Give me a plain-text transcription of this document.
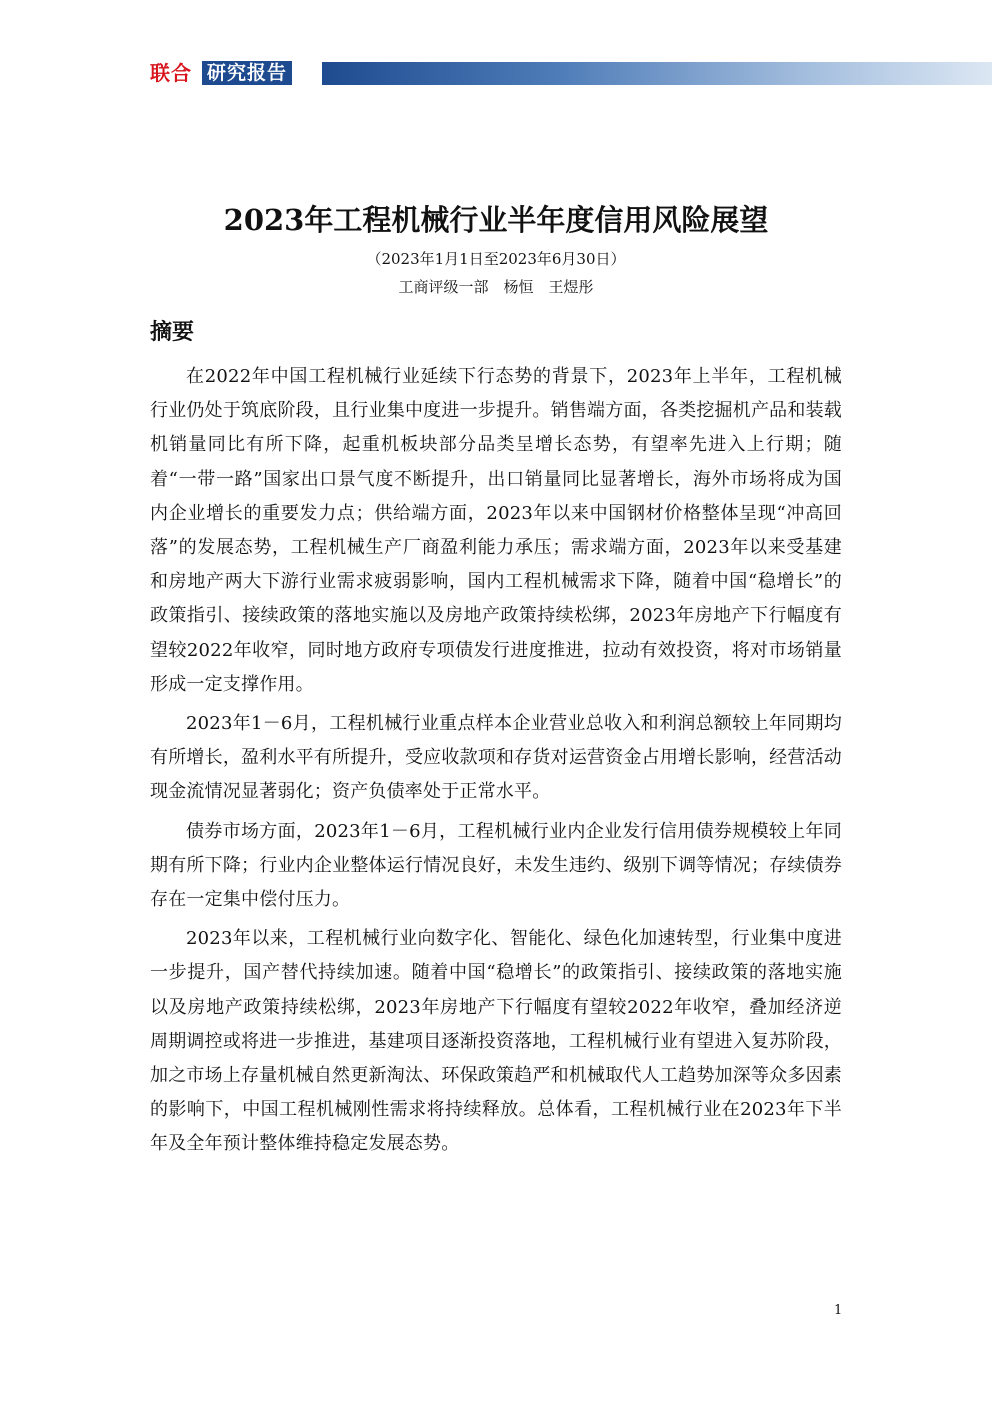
联合 研究报告
2023年工程机械行业半年度信用风险展望
（2023年1月1日至2023年6月30日）
工商评级一部　杨恒　王煜彤
摘要

在2022年中国工程机械行业延续下行态势的背景下，2023年上半年，工程机械行业仍处于筑底阶段，且行业集中度进一步提升。销售端方面，各类挖掘机产品和装载机销量同比有所下降，起重机板块部分品类呈增长态势，有望率先进入上行期；随着“一带一路”国家出口景气度不断提升，出口销量同比显著增长，海外市场将成为国内企业增长的重要发力点；供给端方面，2023年以来中国钢材价格整体呈现“冲高回落”的发展态势，工程机械生产厂商盈利能力承压；需求端方面，2023年以来受基建和房地产两大下游行业需求疲弱影响，国内工程机械需求下降，随着中国“稳增长”的政策指引、接续政策的落地实施以及房地产政策持续松绑，2023年房地产下行幅度有望较2022年收窄，同时地方政府专项债发行进度推进，拉动有效投资，将对市场销量形成一定支撑作用。

2023年1－6月，工程机械行业重点样本企业营业总收入和利润总额较上年同期均有所增长，盈利水平有所提升，受应收款项和存货对运营资金占用增长影响，经营活动现金流情况显著弱化；资产负债率处于正常水平。

债券市场方面，2023年1－6月，工程机械行业内企业发行信用债券规模较上年同期有所下降；行业内企业整体运行情况良好，未发生违约、级别下调等情况；存续债券存在一定集中偿付压力。

2023年以来，工程机械行业向数字化、智能化、绿色化加速转型，行业集中度进一步提升，国产替代持续加速。随着中国“稳增长”的政策指引、接续政策的落地实施以及房地产政策持续松绑，2023年房地产下行幅度有望较2022年收窄，叠加经济逆周期调控或将进一步推进，基建项目逐渐投资落地，工程机械行业有望进入复苏阶段，加之市场上存量机械自然更新淘汰、环保政策趋严和机械取代人工趋势加深等众多因素的影响下，中国工程机械刚性需求将持续释放。总体看，工程机械行业在2023年下半年及全年预计整体维持稳定发展态势。

1
